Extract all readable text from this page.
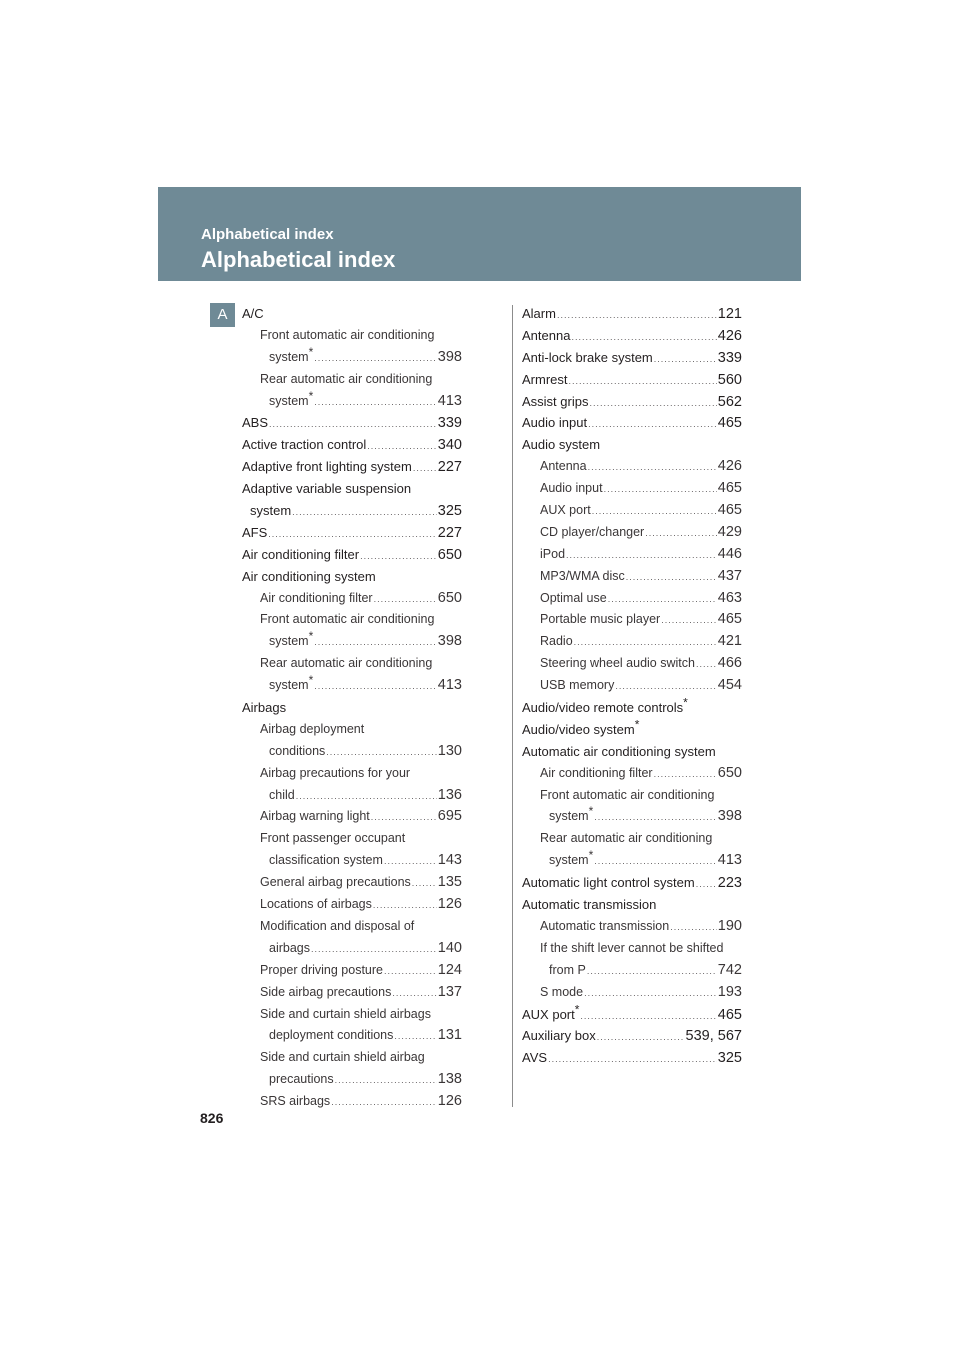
Alphabetical index
Alphabetical index
A	A/C
Front automatic air conditioning
system* .....	398
Rear automatic air conditioning
system* .....	413
ABS .....	339
Active traction control .....	340
Adaptive front lighting system ..... 227
Adaptive variable suspension
system .....	325
AFS .....	227
Air conditioning filter .....	650
Air conditioning system
Air conditioning filter .....	650
Front automatic air conditioning
system* .....	398
Rear automatic air conditioning
system* .....	413
Airbags
Airbag deployment
conditions .....	130
Airbag precautions for your
child .....	136
Airbag warning light .....	695
Front passenger occupant
classification system .....	143
General airbag precautions ..... 135
Locations of airbags .....	126
Modification and disposal of
airbags .....	140
Proper driving posture .....	124
Side airbag precautions .....	137
Side and curtain shield airbags
deployment conditions .....	131
Side and curtain shield airbag
precautions .....	138
SRS airbags .....	126
Alarm .....	121
Antenna .....	426
Anti-lock brake system .....	339
Armrest .....	560
Assist grips .....	562
Audio input .....	465
Audio system
Antenna .....	426
Audio input .....	465
AUX port .....	465
CD player/changer .....	429
iPod .....	446
MP3/WMA disc .....	437
Optimal use .....	463
Portable music player .....	465
Radio .....	421
Steering wheel audio switch ..... 466
USB memory .....	454
Audio/video remote controls*
Audio/video system*
Automatic air conditioning system
Air conditioning filter .....	650
Front automatic air conditioning
system* .....	398
Rear automatic air conditioning
system* .....	413
Automatic light control system ..... 223
Automatic transmission
Automatic transmission .....	190
If the shift lever cannot be shifted
from P .....	742
S mode .....	193
AUX port* .....	465
Auxiliary box .....	539, 567
AVS .....	325
826
